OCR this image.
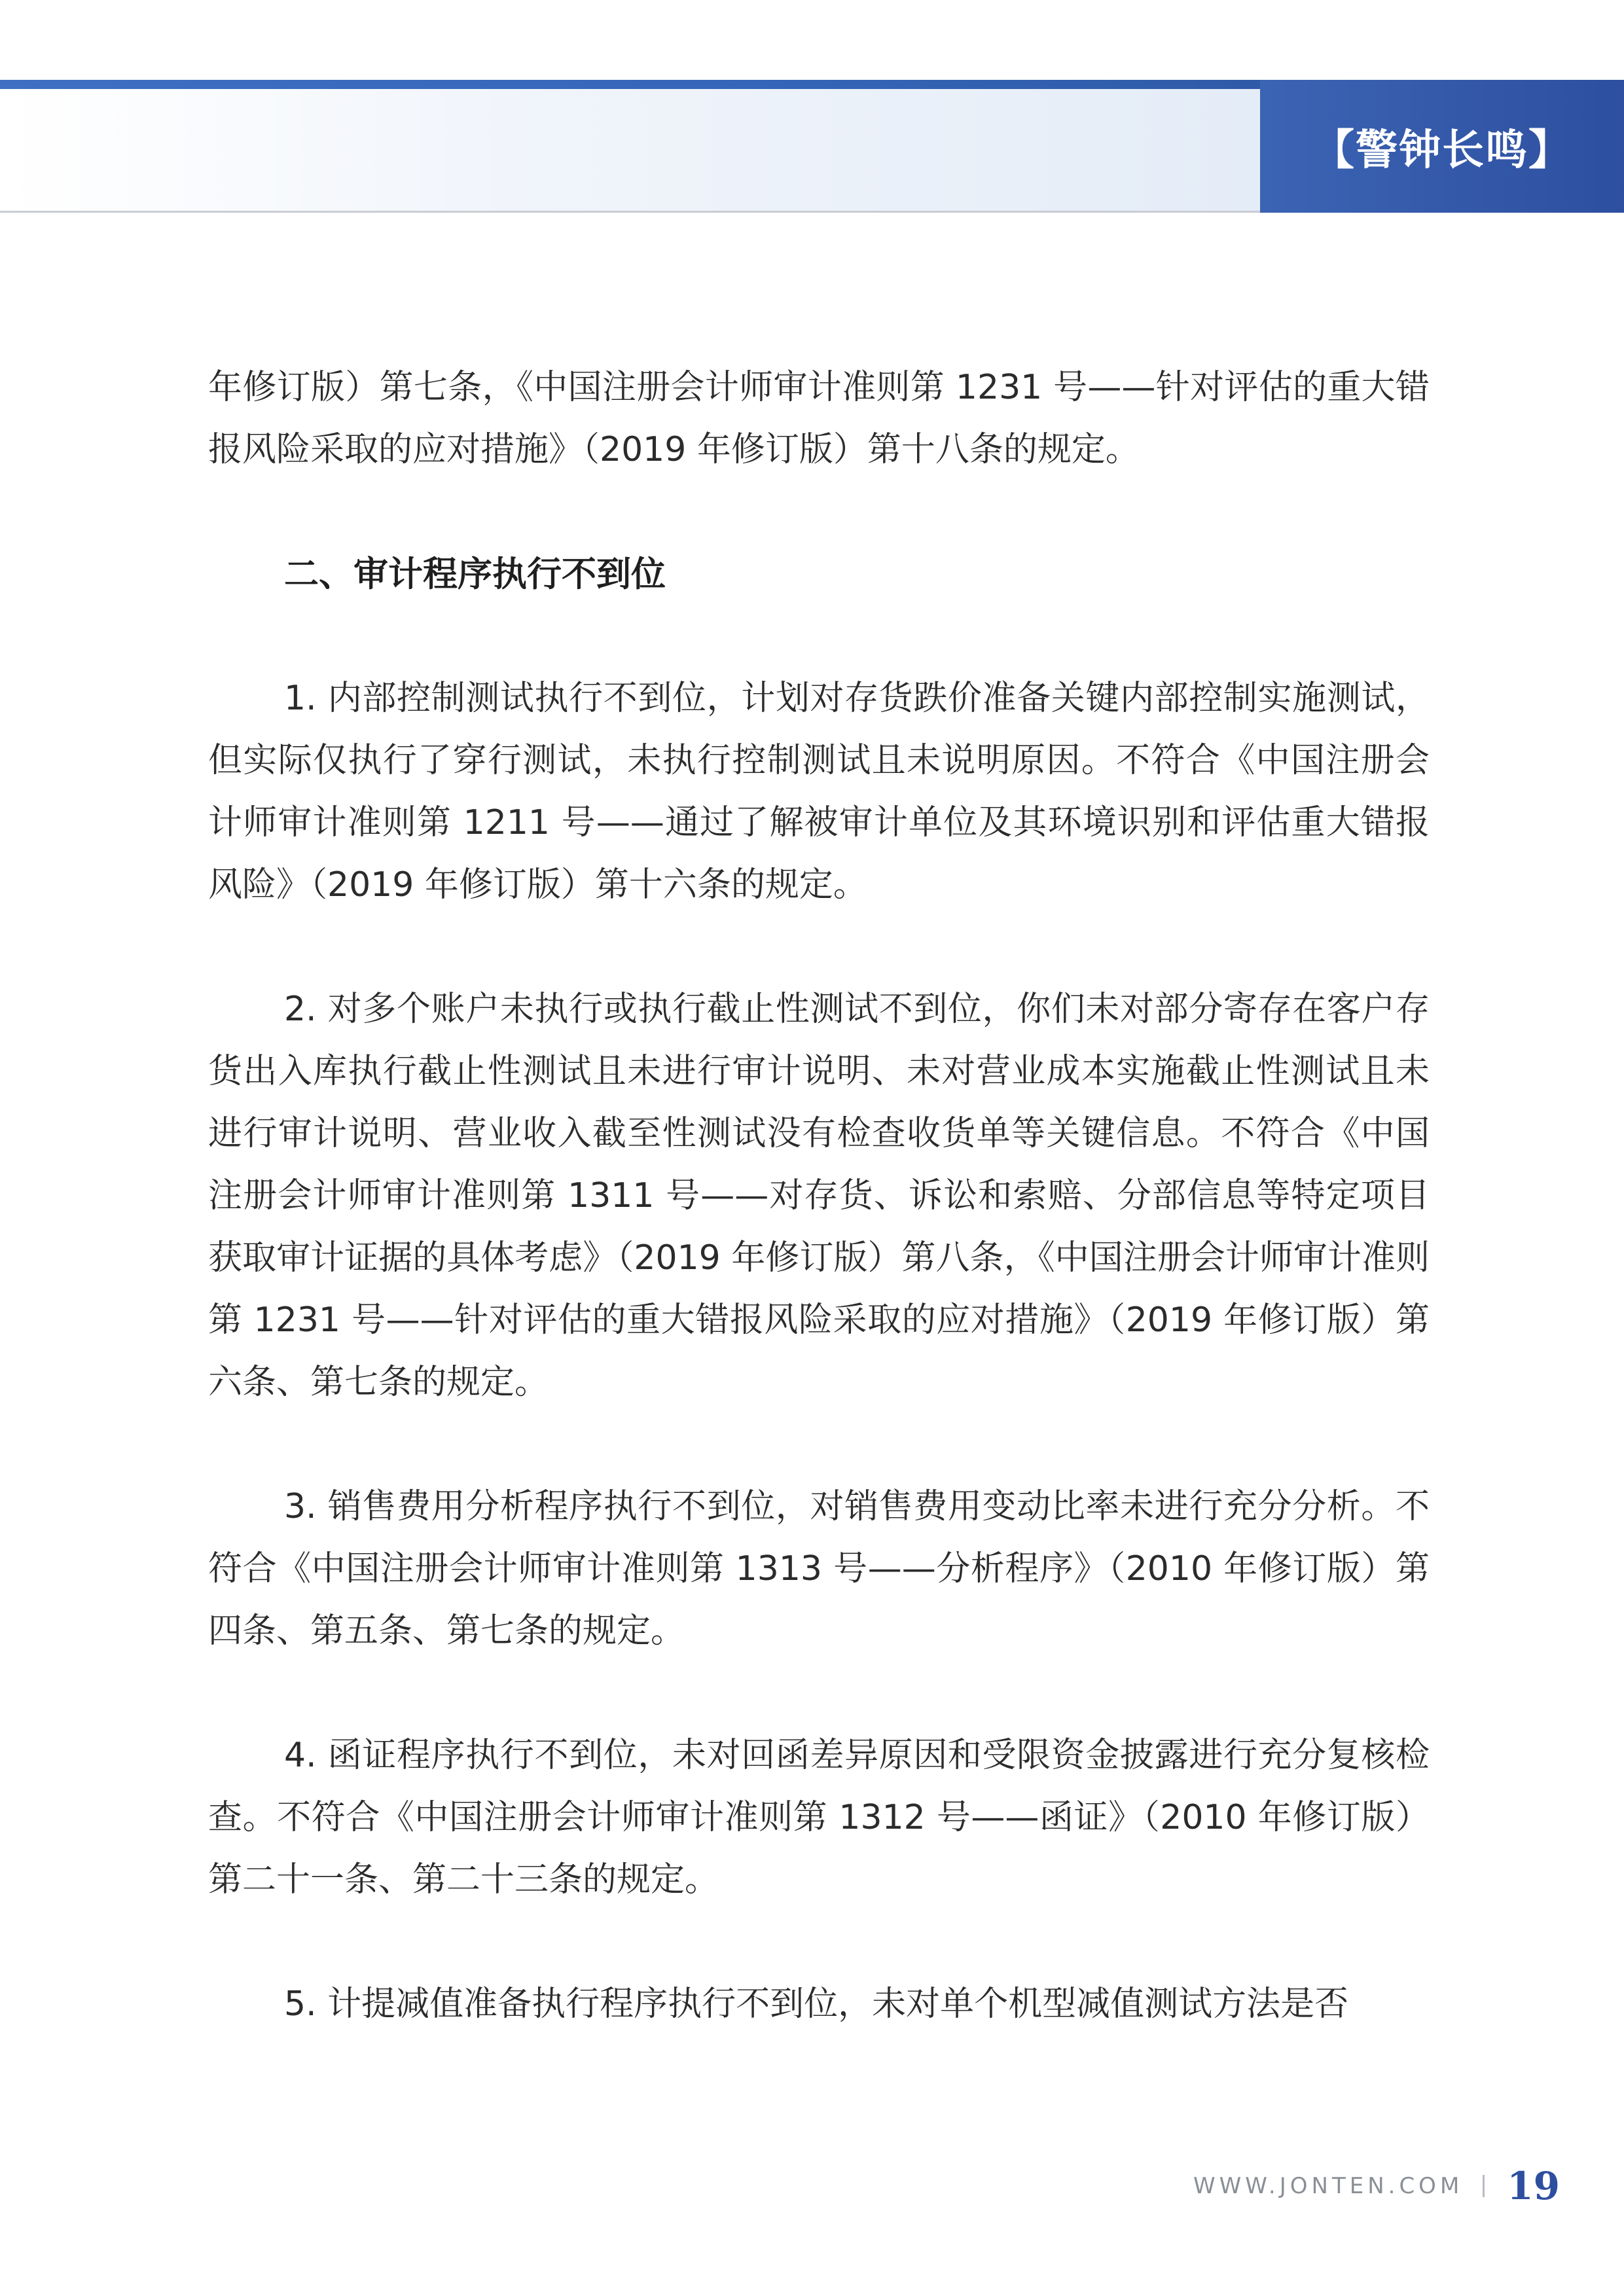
【警钟长鸣】

年修订版）第七条，《中国注册会计师审计准则第 1231 号——针对评估的重大错报风险采取的应对措施》（2019 年修订版）第十八条的规定。

二、审计程序执行不到位

1. 内部控制测试执行不到位，计划对存货跌价准备关键内部控制实施测试，但实际仅执行了穿行测试，未执行控制测试且未说明原因。不符合《中国注册会计师审计准则第 1211 号——通过了解被审计单位及其环境识别和评估重大错报风险》（2019 年修订版）第十六条的规定。

2. 对多个账户未执行或执行截止性测试不到位，你们未对部分寄存在客户存货出入库执行截止性测试且未进行审计说明、未对营业成本实施截止性测试且未进行审计说明、营业收入截至性测试没有检查收货单等关键信息。不符合《中国注册会计师审计准则第 1311 号——对存货、诉讼和索赔、分部信息等特定项目获取审计证据的具体考虑》（2019 年修订版）第八条，《中国注册会计师审计准则第 1231 号——针对评估的重大错报风险采取的应对措施》（2019 年修订版）第六条、第七条的规定。

3. 销售费用分析程序执行不到位，对销售费用变动比率未进行充分分析。不符合《中国注册会计师审计准则第 1313 号——分析程序》（2010 年修订版）第四条、第五条、第七条的规定。

4. 函证程序执行不到位，未对回函差异原因和受限资金披露进行充分复核检查。不符合《中国注册会计师审计准则第 1312 号——函证》（2010 年修订版）第二十一条、第二十三条的规定。

5. 计提减值准备执行程序执行不到位，未对单个机型减值测试方法是否

WWW.JONTEN.COM 19
